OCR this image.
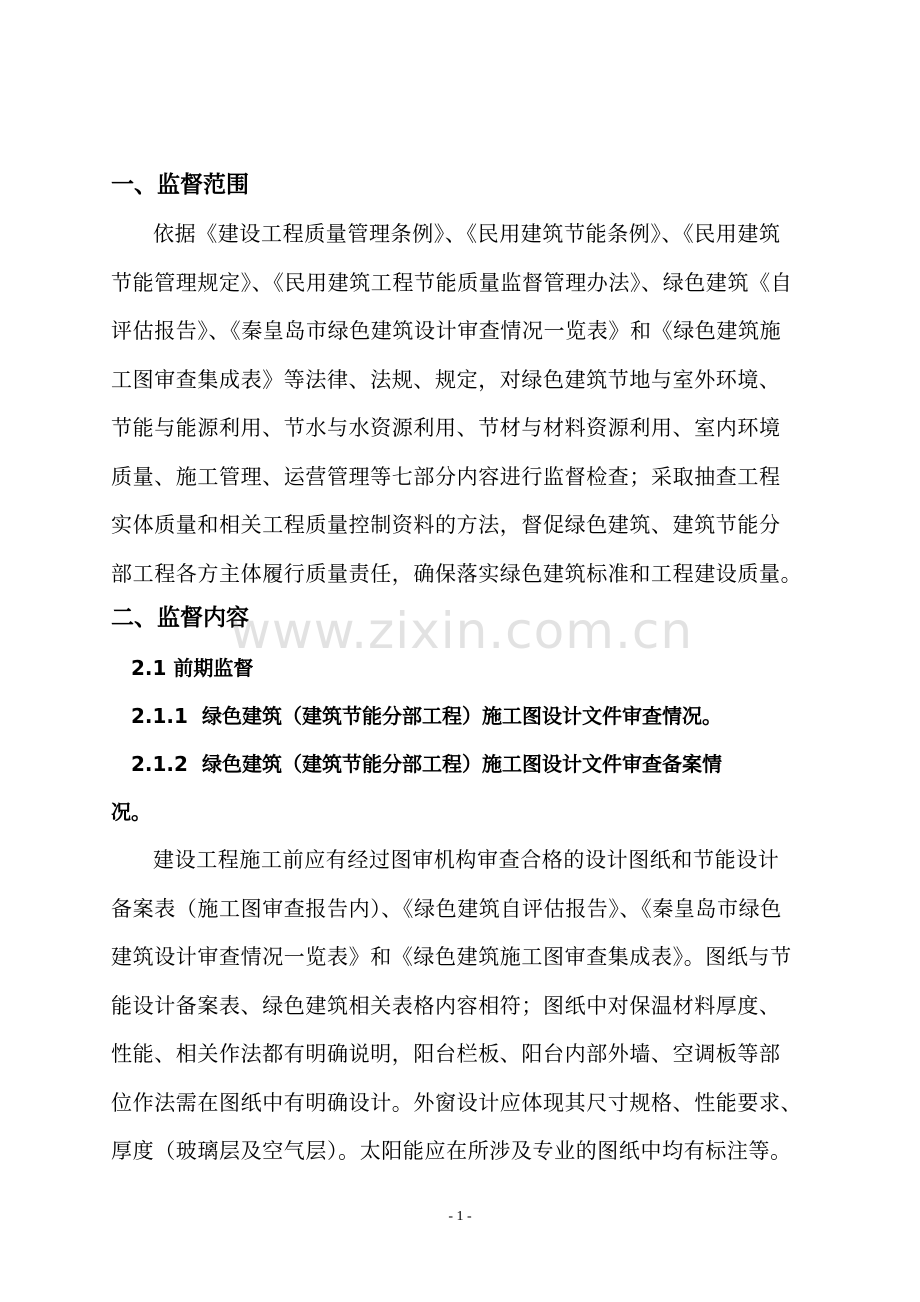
一、监督范围
依据《建设工程质量管理条例》、《民用建筑节能条例》、《民用建筑
节能管理规定》、《民用建筑工程节能质量监督管理办法》、绿色建筑《自
评估报告》、《秦皇岛市绿色建筑设计审查情况一览表》和《绿色建筑施
工图审查集成表》等法律、法规、规定，对绿色建筑节地与室外环境、
节能与能源利用、节水与水资源利用、节材与材料资源利用、室内环境
质量、施工管理、运营管理等七部分内容进行监督检查；采取抽查工程
实体质量和相关工程质量控制资料的方法，督促绿色建筑、建筑节能分
部工程各方主体履行质量责任，确保落实绿色建筑标准和工程建设质量。
二、监督内容
2.1 前期监督
2.1.1 绿色建筑（建筑节能分部工程）施工图设计文件审查情况。
2.1.2 绿色建筑（建筑节能分部工程）施工图设计文件审查备案情
况。
建设工程施工前应有经过图审机构审查合格的设计图纸和节能设计
备案表（施工图审查报告内）、《绿色建筑自评估报告》、《秦皇岛市绿色
建筑设计审查情况一览表》和《绿色建筑施工图审查集成表》。图纸与节
能设计备案表、绿色建筑相关表格内容相符；图纸中对保温材料厚度、
性能、相关作法都有明确说明，阳台栏板、阳台内部外墙、空调板等部
位作法需在图纸中有明确设计。外窗设计应体现其尺寸规格、性能要求、
厚度（玻璃层及空气层）。太阳能应在所涉及专业的图纸中均有标注等。
www.zixin.com.cn
- 1 -
